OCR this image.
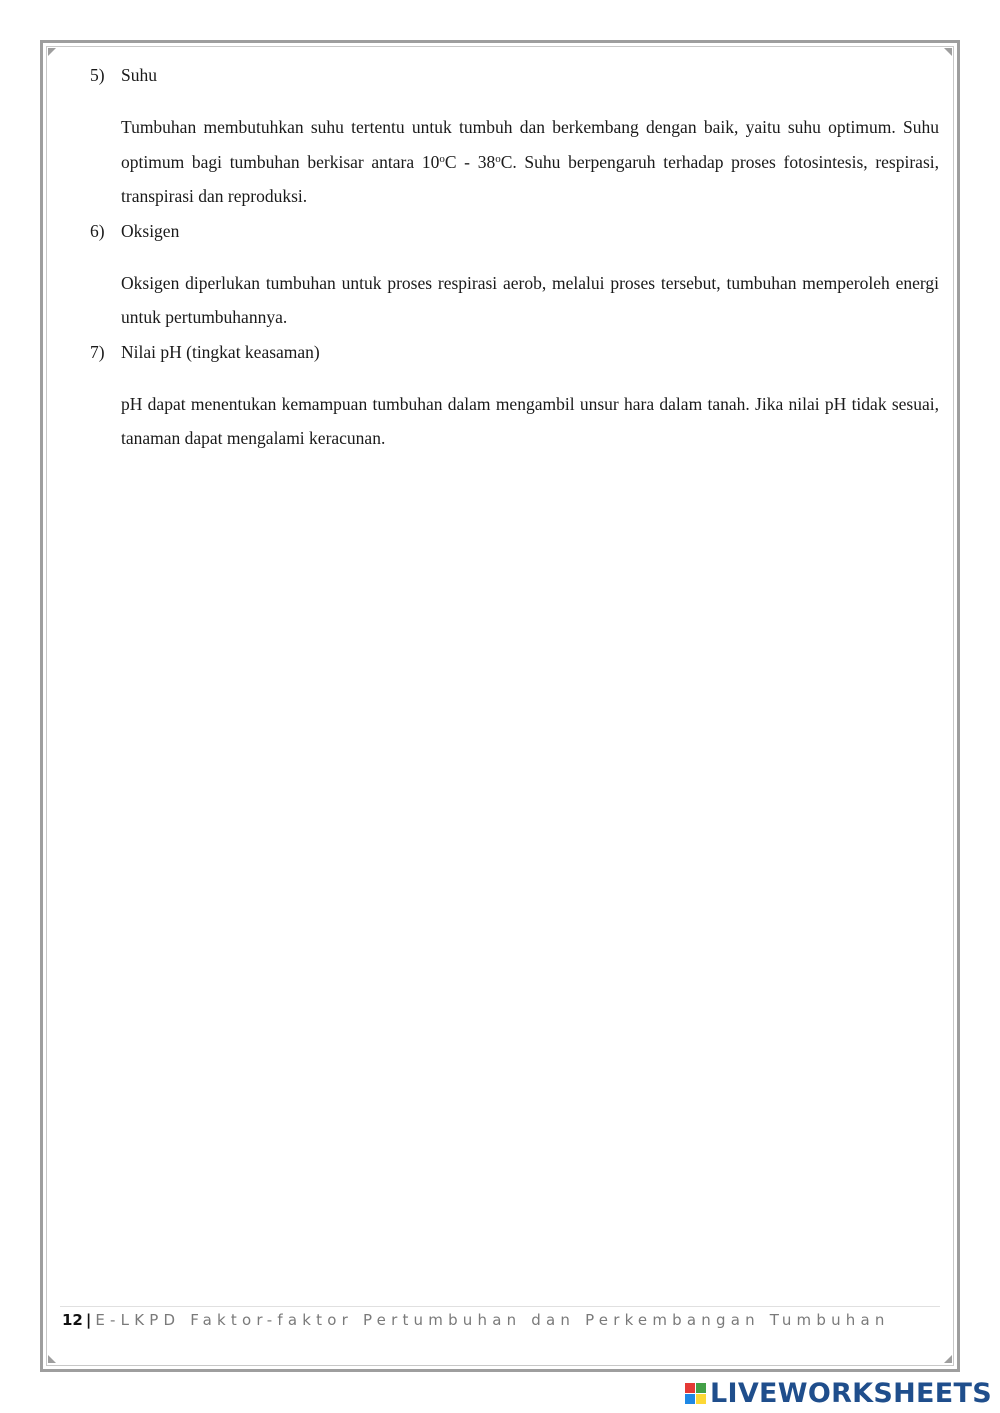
5) Suhu

Tumbuhan membutuhkan suhu tertentu untuk tumbuh dan berkembang dengan baik, yaitu suhu optimum. Suhu optimum bagi tumbuhan berkisar antara 10$^o$C - 38$^o$C. Suhu berpengaruh terhadap proses fotosintesis, respirasi, transpirasi dan reproduksi.

6) Oksigen

Oksigen diperlukan tumbuhan untuk proses respirasi aerob, melalui proses tersebut, tumbuhan memperoleh energi untuk pertumbuhannya.

7) Nilai pH (tingkat keasaman)

pH dapat menentukan kemampuan tumbuhan dalam mengambil unsur hara dalam tanah. Jika nilai pH tidak sesuai, tanaman dapat mengalami keracunan.

12 | E-LKPD Faktor-faktor Pertumbuhan dan Perkembangan Tumbuhan
LIVEWORKSHEETS
